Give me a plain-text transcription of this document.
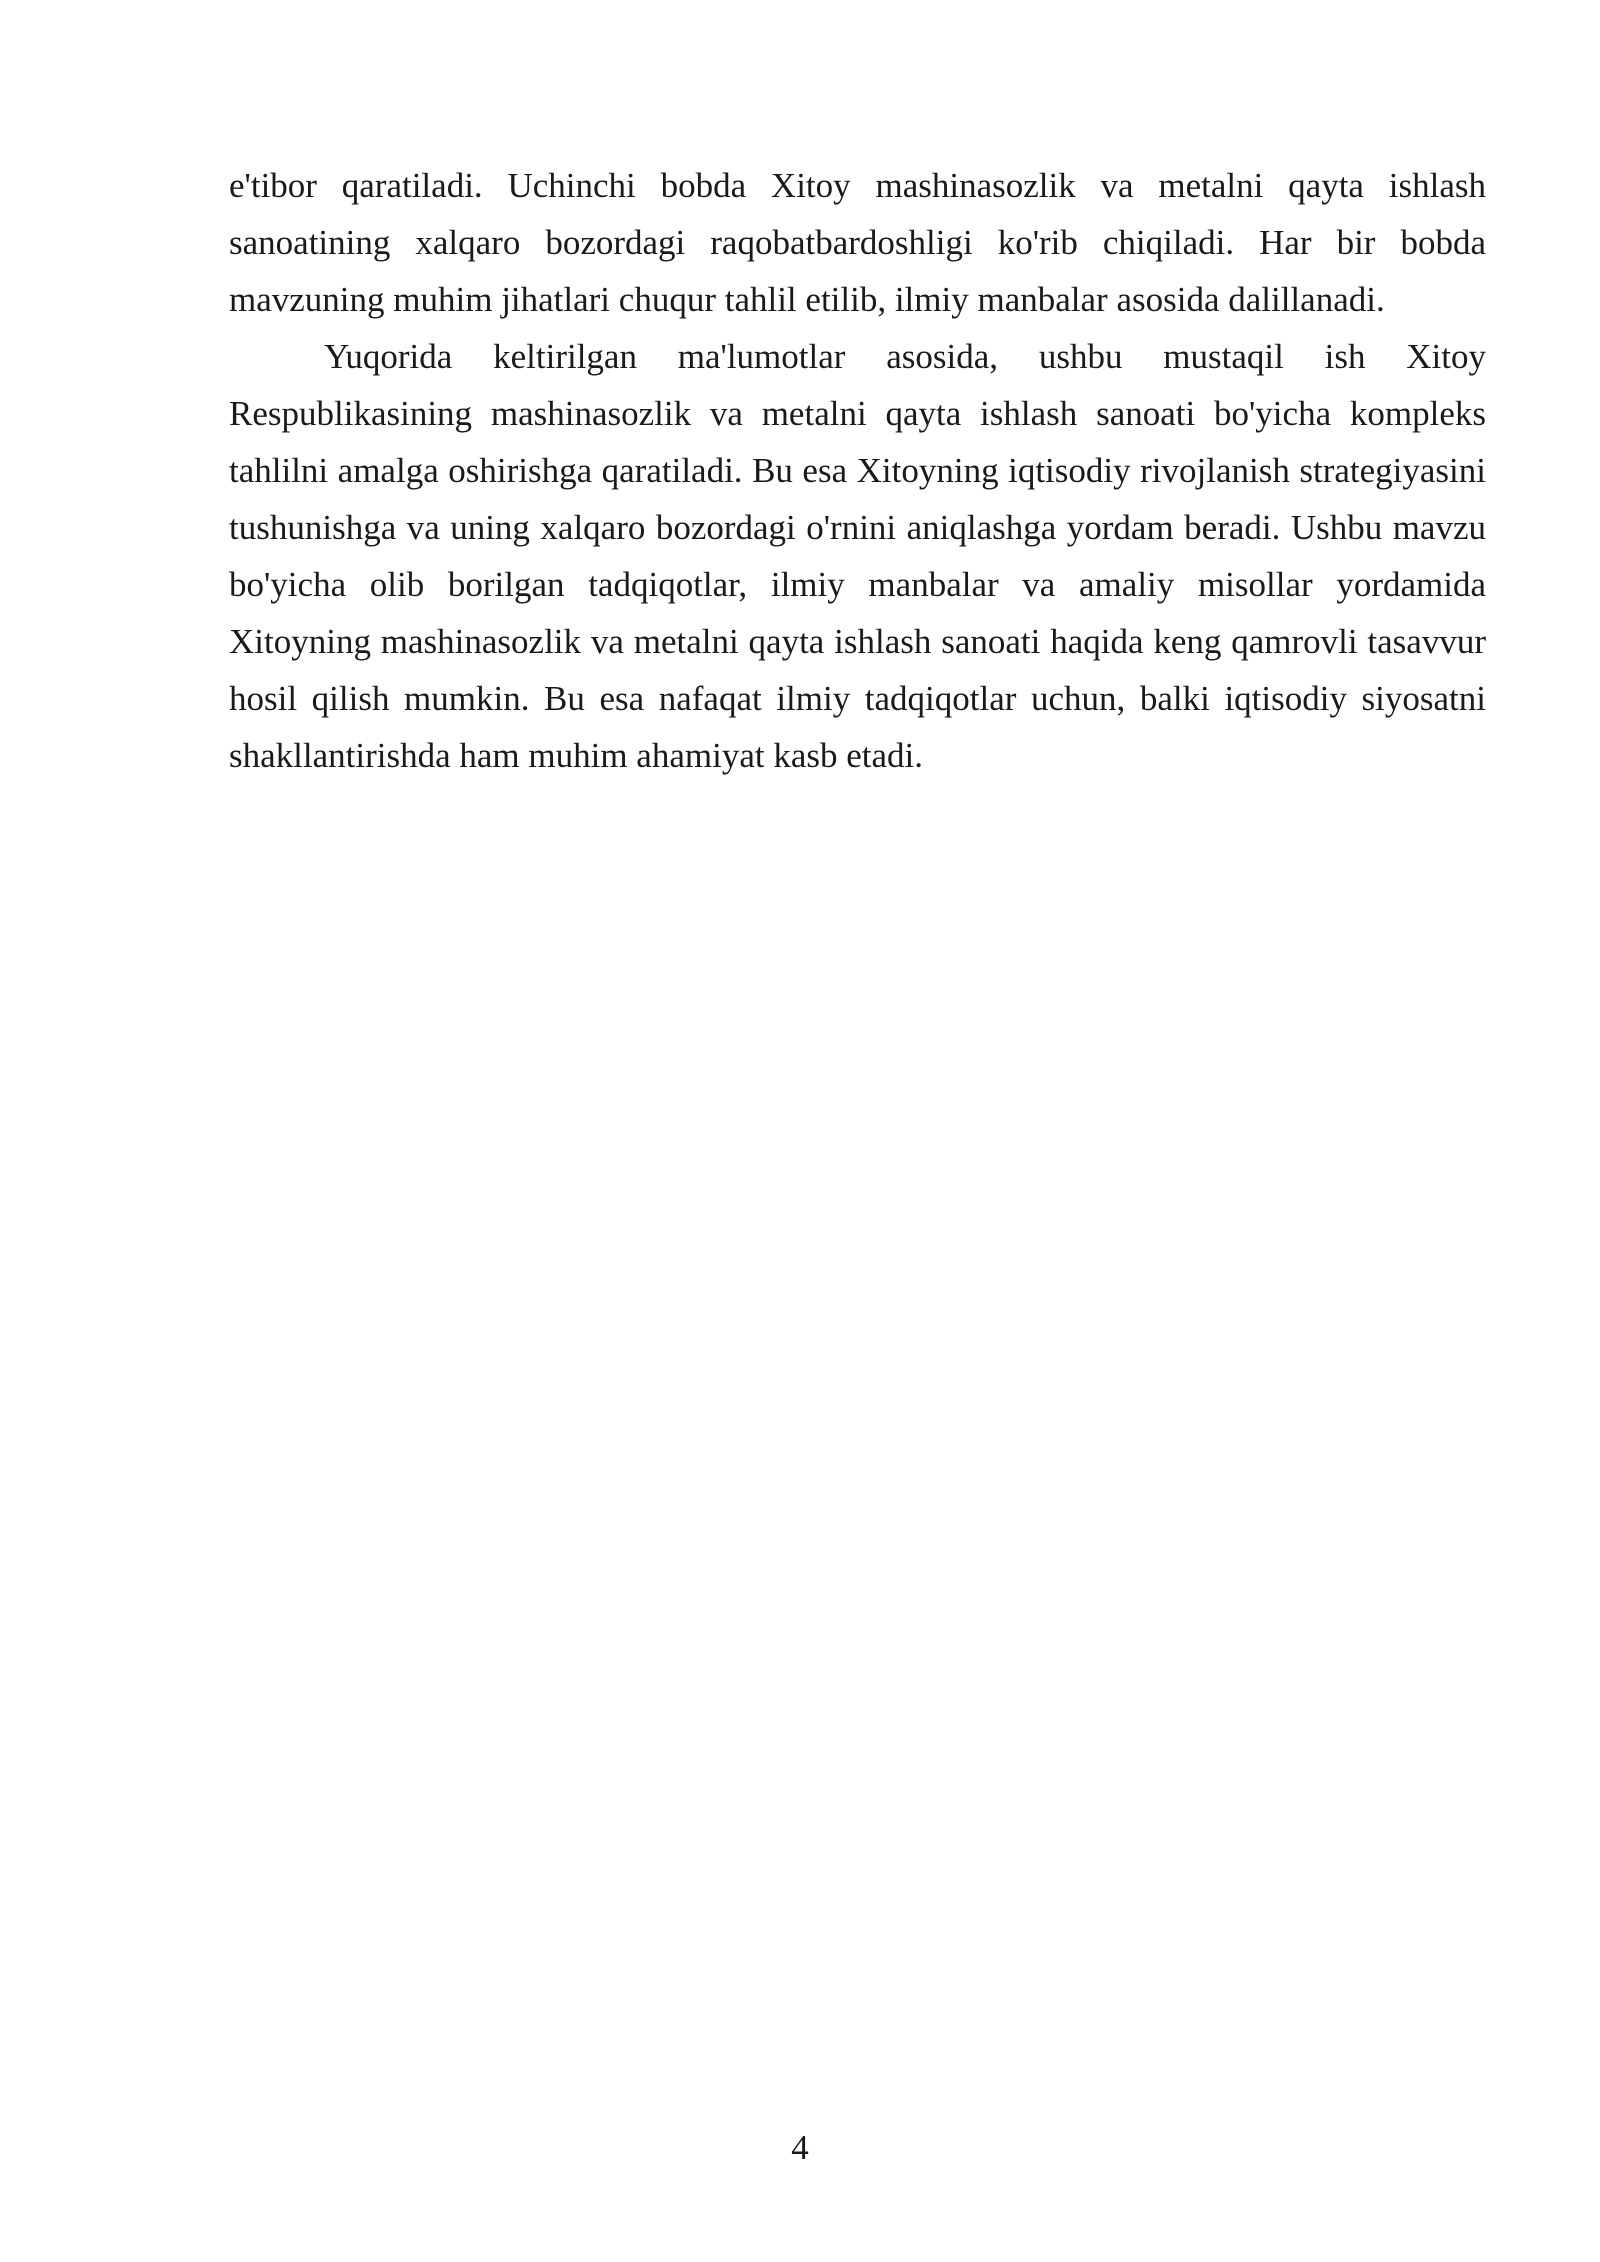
e'tibor qaratiladi. Uchinchi bobda Xitoy mashinasozlik va metalni qayta ishlash sanoatining xalqaro bozordagi raqobatbardoshligi ko'rib chiqiladi. Har bir bobda mavzuning muhim jihatlari chuqur tahlil etilib, ilmiy manbalar asosida dalillanadi.

Yuqorida keltirilgan ma'lumotlar asosida, ushbu mustaqil ish Xitoy Respublikasining mashinasozlik va metalni qayta ishlash sanoati bo'yicha kompleks tahlilni amalga oshirishga qaratiladi. Bu esa Xitoyning iqtisodiy rivojlanish strategiyasini tushunishga va uning xalqaro bozordagi o'rnini aniqlashga yordam beradi. Ushbu mavzu bo'yicha olib borilgan tadqiqotlar, ilmiy manbalar va amaliy misollar yordamida Xitoyning mashinasozlik va metalni qayta ishlash sanoati haqida keng qamrovli tasavvur hosil qilish mumkin. Bu esa nafaqat ilmiy tadqiqotlar uchun, balki iqtisodiy siyosatni shakllantirishda ham muhim ahamiyat kasb etadi.

4
